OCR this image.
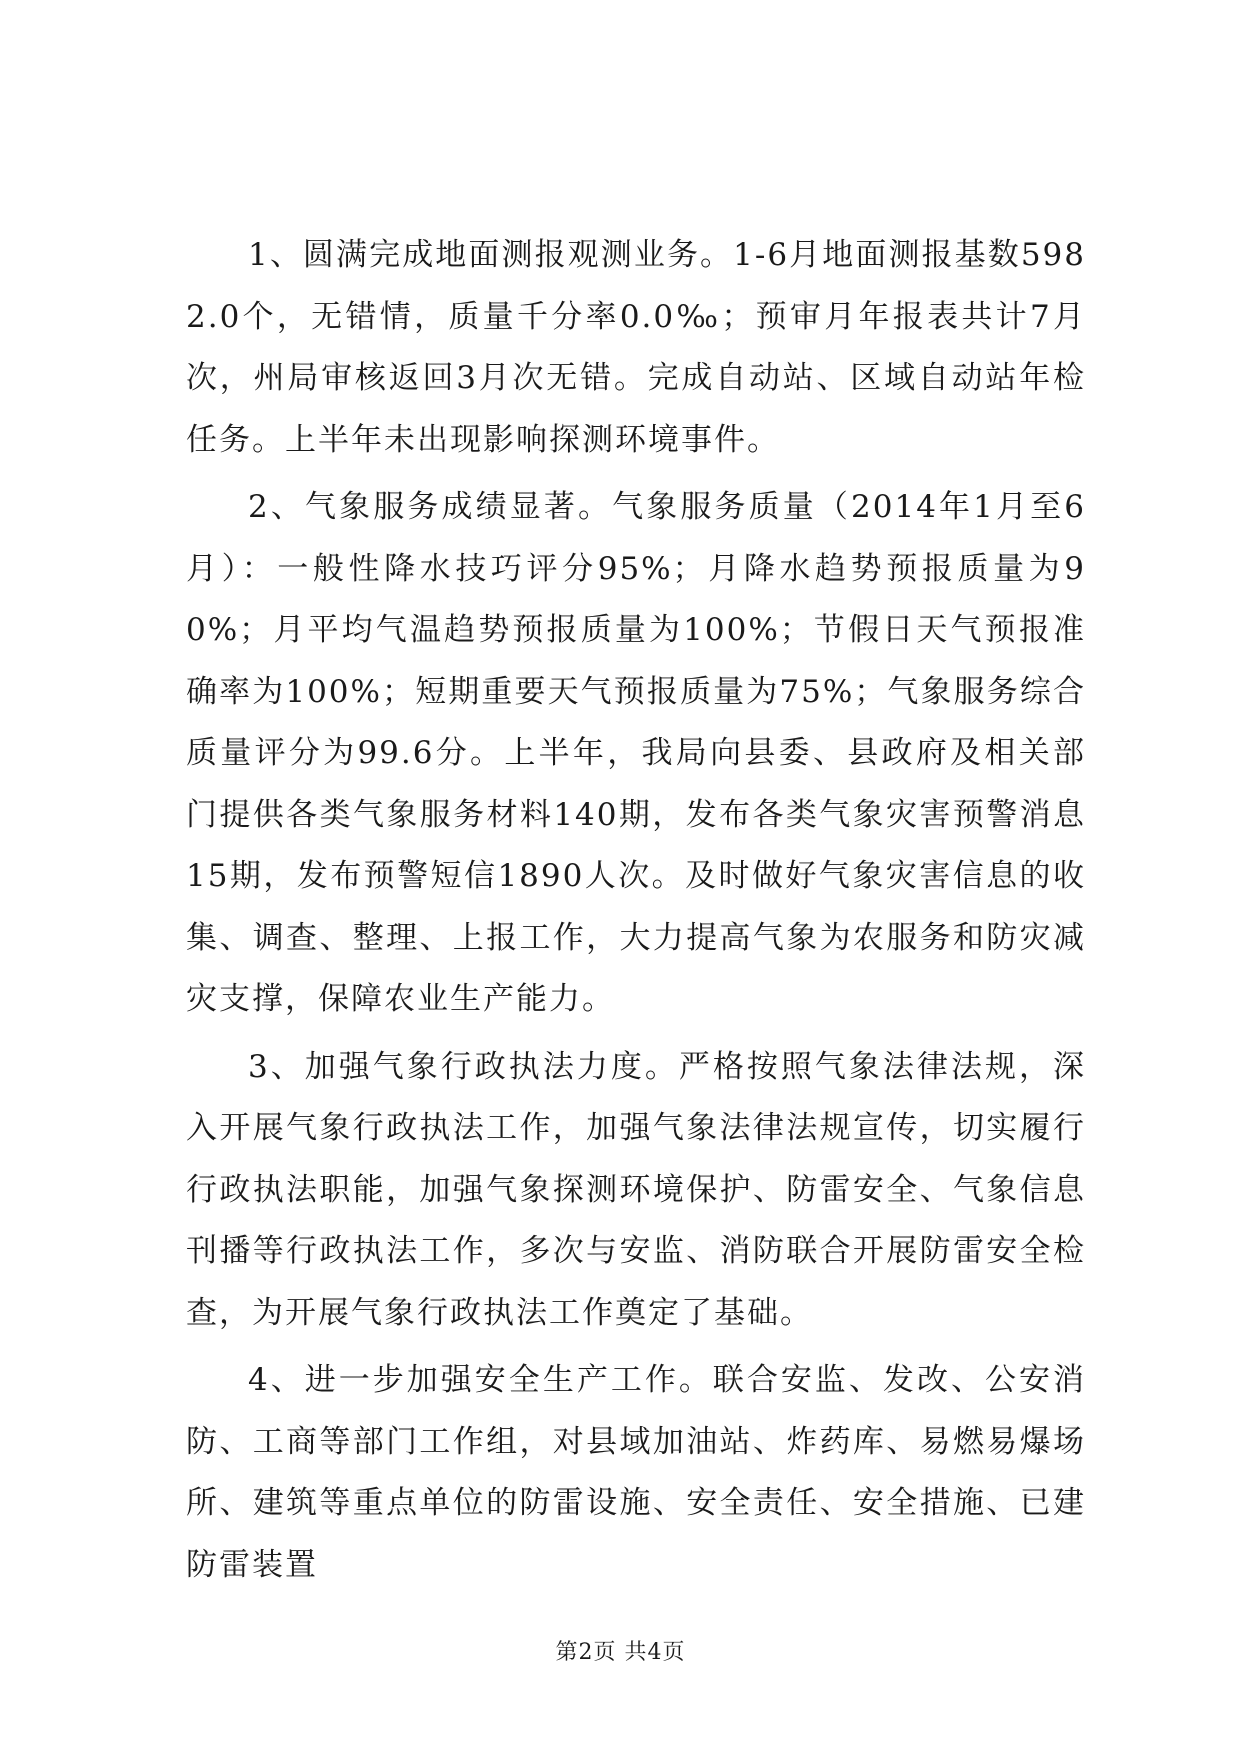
1、圆满完成地面测报观测业务。1-6月地面测报基数5982.0个，无错情，质量千分率0.0‰；预审月年报表共计7月次，州局审核返回3月次无错。完成自动站、区域自动站年检任务。上半年未出现影响探测环境事件。

2、气象服务成绩显著。气象服务质量（2014年1月至6月）：一般性降水技巧评分95%；月降水趋势预报质量为90%；月平均气温趋势预报质量为100%；节假日天气预报准确率为100%；短期重要天气预报质量为75%；气象服务综合质量评分为99.6分。上半年，我局向县委、县政府及相关部门提供各类气象服务材料140期，发布各类气象灾害预警消息15期，发布预警短信1890人次。及时做好气象灾害信息的收集、调查、整理、上报工作，大力提高气象为农服务和防灾减灾支撑，保障农业生产能力。

3、加强气象行政执法力度。严格按照气象法律法规，深入开展气象行政执法工作，加强气象法律法规宣传，切实履行行政执法职能，加强气象探测环境保护、防雷安全、气象信息刊播等行政执法工作，多次与安监、消防联合开展防雷安全检查，为开展气象行政执法工作奠定了基础。

4、进一步加强安全生产工作。联合安监、发改、公安消防、工商等部门工作组，对县域加油站、炸药库、易燃易爆场所、建筑等重点单位的防雷设施、安全责任、安全措施、已建防雷装置

第2页 共4页
